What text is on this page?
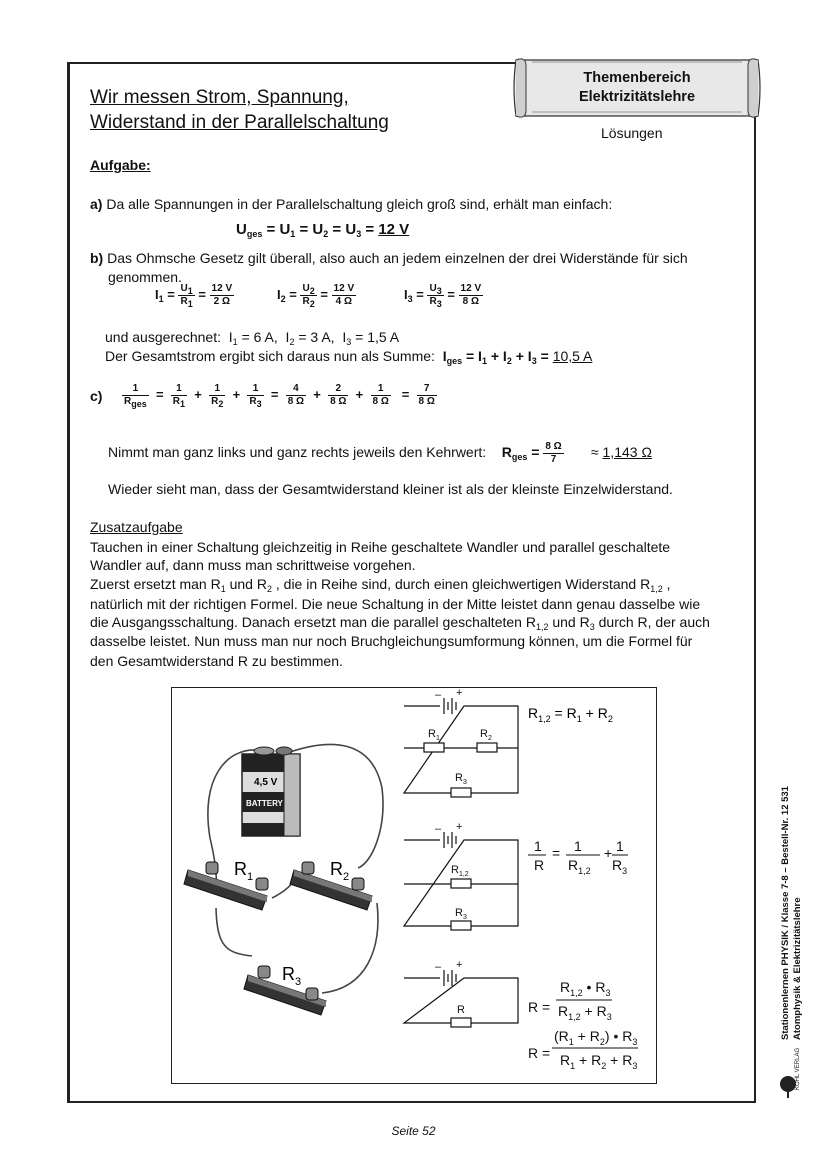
Wir messen Strom, Spannung,
Widerstand in der Parallelschaltung
Themenbereich
Elektrizitätslehre
Lösungen
Aufgabe:
a) Da alle Spannungen in der Parallelschaltung gleich groß sind, erhält man einfach:
$U_{ges} = U_1 = U_2 = U_3 = 12$ V
b) Das Ohmsche Gesetz gilt überall, also auch an jedem einzelnen der drei Widerstände für sich
genommen.
$I_1 = \frac{U_1}{R_1} = \frac{12 V}{2 \Omega}$	$I_2 = \frac{U_2}{R_2} = \frac{12 V}{4 \Omega}$	$I_3 = \frac{U_3}{R_3} = \frac{12 V}{8 \Omega}$
und ausgerechnet:  $I_1 = 6$ A,  $I_2 = 3$ A,  $I_3 = 1,5$ A
Der Gesamtstrom ergibt sich daraus nun als Summe: $I_{ges} = I_1 + I_2 + I_3 = 10,5$ A
$c) \frac{1}{R_{ges}} = \frac{1}{R_1} + \frac{1}{R_2} + \frac{1}{R_3} = \frac{4}{8 \Omega} + \frac{2}{8 \Omega} + \frac{1}{8 \Omega} = \frac{7}{8 \Omega}$
Nimmt man ganz links und ganz rechts jeweils den Kehrwert: $R_{ges} = \frac{8 \Omega}{7} \approx 1,143$ Ω
Wieder sieht man, dass der Gesamtwiderstand kleiner ist als der kleinste Einzelwiderstand.
Zusatzaufgabe
Tauchen in einer Schaltung gleichzeitig in Reihe geschaltete Wandler und parallel geschaltete
Wandler auf, dann muss man schrittweise vorgehen.
Zuerst ersetzt man $R_1$ und $R_2$ , die in Reihe sind, durch einen gleichwertigen Widerstand $R_{1,2}$ ,
natürlich mit der richtigen Formel. Die neue Schaltung in der Mitte leistet dann genau dasselbe wie
die Ausgangsschaltung. Danach ersetzt man die parallel geschalteten $R_{1,2}$ und $R_3$ durch R, der auch
dasselbe leistet. Nun muss man nur noch Bruchgleichungsumformung können, um die Formel für
den Gesamtwiderstand R zu bestimmen.
4,5 V
BATTERY
$R_1$	$R_2$
$R_3$
– +
$R_1$	$R_2$
$R_3$
$R_{1,2} = R_1 + R_2$
– +
$R_{1,2}$
$R_3$
1
R
= 1
$R_{1,2}$
+ 1
$R_3$
– +
R	R =
$R_{1,2}$ • $R_3$
$R_{1,2} + R_3$
R =
$(R_1 + R_2)$ • $R_3$
$R_1 + R_2 + R_3$
Stationenlernen PHYSIK / Klasse 7-8 – Bestell-Nr. 12 531 Atomphysik & Elektrizitätslehre
KOHL VERLAG
Seite 52
